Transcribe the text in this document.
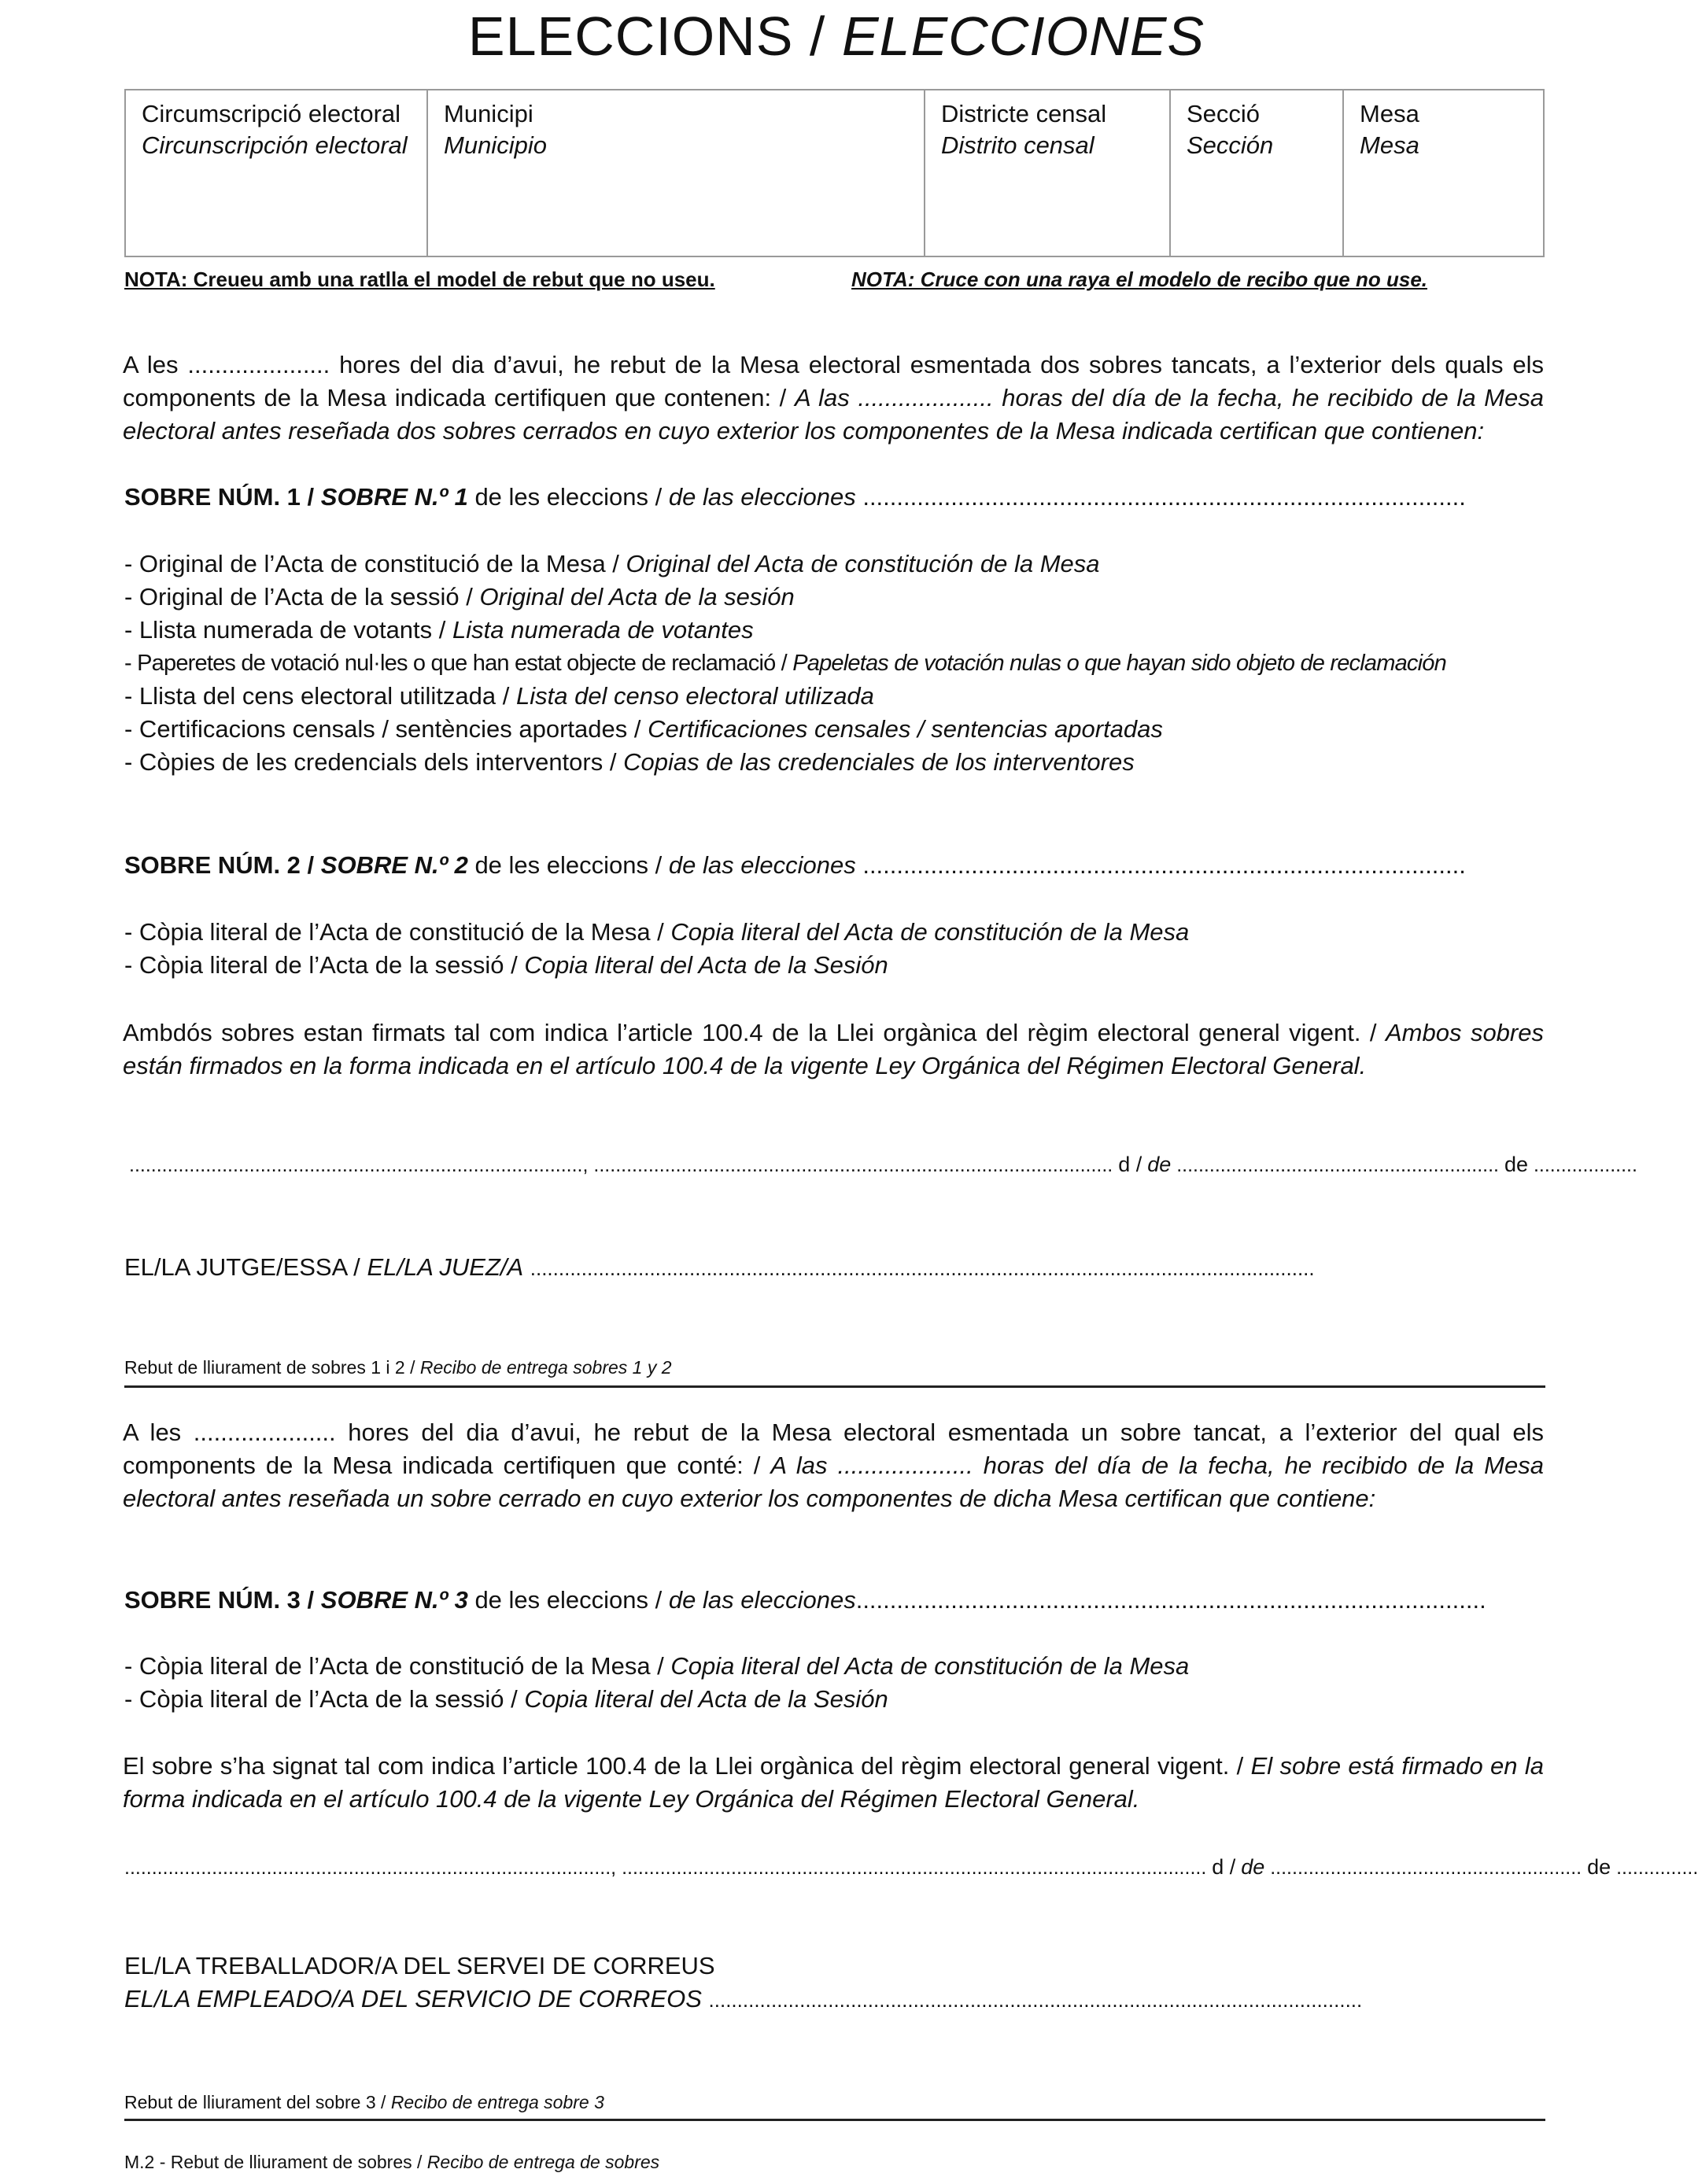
ELECCIONS / ELECCIONES
Circumscripció electoral
Circunscripción electoral
Municipi
Municipio
Districte censal
Distrito censal
Secció
Sección
Mesa
Mesa
NOTA: Creueu amb una ratlla el model de rebut que no useu.	NOTA: Cruce con una raya el modelo de recibo que no use.
A les ..................... hores del dia d’avui, he rebut de la Mesa electoral esmentada dos sobres tancats, a l’exterior dels quals els components de la Mesa indicada certifiquen que contenen: / A las .................... horas del día de la fecha, he recibido de la Mesa electoral antes reseñada dos sobres cerrados en cuyo exterior los componentes de la Mesa indicada certifican que contienen:
SOBRE NÚM. 1 / SOBRE N.º 1 de les eleccions / de las elecciones .........................................................................................
- Original de l’Acta de constitució de la Mesa / Original del Acta de constitución de la Mesa
- Original de l’Acta de la sessió / Original del Acta de la sesión
- Llista numerada de votants / Lista numerada de votantes
- Paperetes de votació nul·les o que han estat objecte de reclamació / Papeletas de votación nulas o que hayan sido objeto de reclamación
- Llista del cens electoral utilitzada / Lista del censo electoral utilizada
- Certificacions censals / sentències aportades / Certificaciones censales / sentencias aportadas
- Còpies de les credencials dels interventors / Copias de las credenciales de los interventores
SOBRE NÚM. 2 / SOBRE N.º 2 de les eleccions / de las elecciones .........................................................................................
- Còpia literal de l’Acta de constitució de la Mesa / Copia literal del Acta de constitución de la Mesa
- Còpia literal de l’Acta de la sessió / Copia literal del Acta de la Sesión
Ambdós sobres estan firmats tal com indica l’article 100.4 de la Llei orgànica del règim electoral general vigent. / Ambos sobres están firmados en la forma indicada en el artículo 100.4 de la vigente Ley Orgánica del Régimen Electoral General.
..................................................................................., ............................................................................................... d / de ........................................................... de ...................
EL/LA JUTGE/ESSA / EL/LA JUEZ/A ..........................................................................................................................................
Rebut de lliurament de sobres 1 i 2 / Recibo de entrega sobres 1 y 2
A les ..................... hores del dia d’avui, he rebut de la Mesa electoral esmentada un sobre tancat, a l’exterior del qual els components de la Mesa indicada certifiquen que conté: / A las .................... horas del día de la fecha, he recibido de la Mesa electoral antes reseñada un sobre cerrado en cuyo exterior los componentes de dicha Mesa certifican que contiene:
SOBRE NÚM. 3 / SOBRE N.º 3 de les eleccions / de las elecciones.............................................................................................
- Còpia literal de l’Acta de constitució de la Mesa / Copia literal del Acta de constitución de la Mesa
- Còpia literal de l’Acta de la sessió / Copia literal del Acta de la Sesión
El sobre s’ha signat tal com indica l’article 100.4 de la Llei orgànica del règim electoral general vigent. / El sobre está firmado en la forma indicada en el artículo 100.4 de la vigente Ley Orgánica del Régimen Electoral General.
........................................................................................., ........................................................................................................... d / de ......................................................... de ...............
EL/LA TREBALLADOR/A DEL SERVEI DE CORREUS
EL/LA EMPLEADO/A DEL SERVICIO DE CORREOS ...................................................................................................................
Rebut de lliurament del sobre 3 / Recibo de entrega sobre 3
M.2 - Rebut de lliurament de sobres / Recibo de entrega de sobres
